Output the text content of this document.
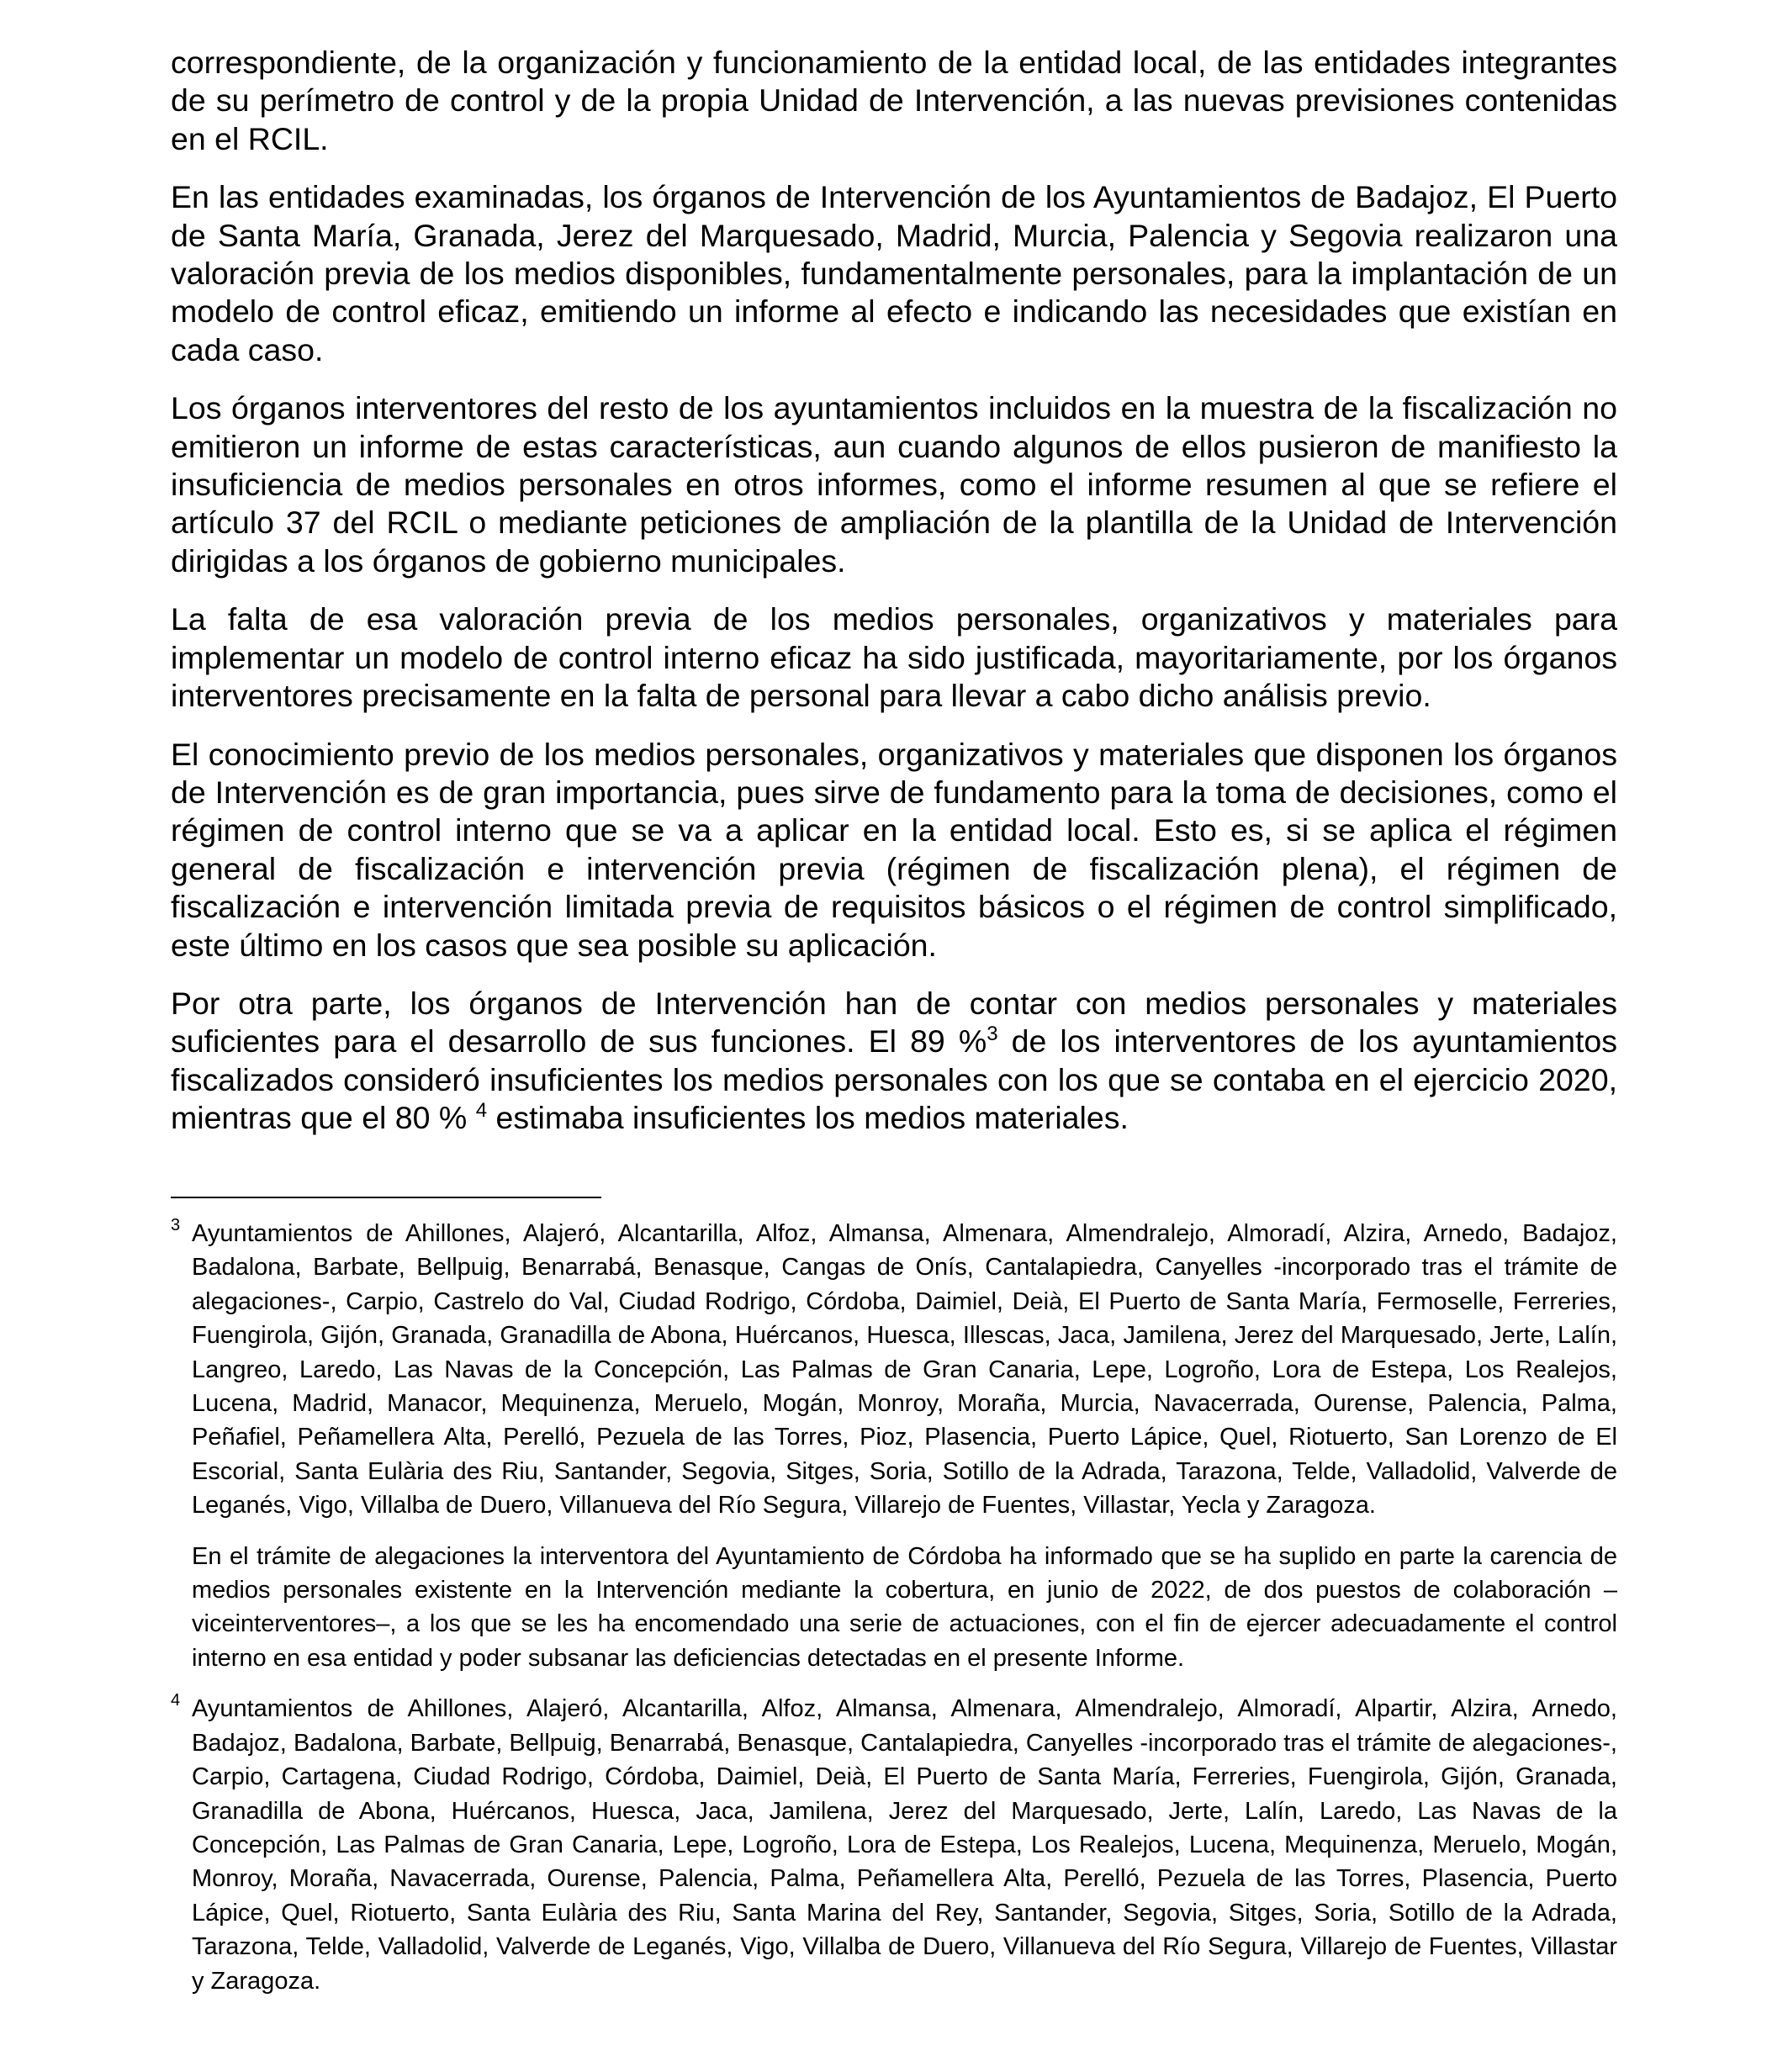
correspondiente, de la organización y funcionamiento de la entidad local, de las entidades integrantes de su perímetro de control y de la propia Unidad de Intervención, a las nuevas previsiones contenidas en el RCIL.

En las entidades examinadas, los órganos de Intervención de los Ayuntamientos de Badajoz, El Puerto de Santa María, Granada, Jerez del Marquesado, Madrid, Murcia, Palencia y Segovia realizaron una valoración previa de los medios disponibles, fundamentalmente personales, para la implantación de un modelo de control eficaz, emitiendo un informe al efecto e indicando las necesidades que existían en cada caso.

Los órganos interventores del resto de los ayuntamientos incluidos en la muestra de la fiscalización no emitieron un informe de estas características, aun cuando algunos de ellos pusieron de manifiesto la insuficiencia de medios personales en otros informes, como el informe resumen al que se refiere el artículo 37 del RCIL o mediante peticiones de ampliación de la plantilla de la Unidad de Intervención dirigidas a los órganos de gobierno municipales.

La falta de esa valoración previa de los medios personales, organizativos y materiales para implementar un modelo de control interno eficaz ha sido justificada, mayoritariamente, por los órganos interventores precisamente en la falta de personal para llevar a cabo dicho análisis previo.

El conocimiento previo de los medios personales, organizativos y materiales que disponen los órganos de Intervención es de gran importancia, pues sirve de fundamento para la toma de decisiones, como el régimen de control interno que se va a aplicar en la entidad local. Esto es, si se aplica el régimen general de fiscalización e intervención previa (régimen de fiscalización plena), el régimen de fiscalización e intervención limitada previa de requisitos básicos o el régimen de control simplificado, este último en los casos que sea posible su aplicación.

Por otra parte, los órganos de Intervención han de contar con medios personales y materiales suficientes para el desarrollo de sus funciones. El 89 %$^3$ de los interventores de los ayuntamientos fiscalizados consideró insuficientes los medios personales con los que se contaba en el ejercicio 2020, mientras que el 80 % $^4$ estimaba insuficientes los medios materiales.

3 Ayuntamientos de Ahillones, Alajeró, Alcantarilla, Alfoz, Almansa, Almenara, Almendralejo, Almoradí, Alzira, Arnedo, Badajoz, Badalona, Barbate, Bellpuig, Benarrabá, Benasque, Cangas de Onís, Cantalapiedra, Canyelles -incorporado tras el trámite de alegaciones-, Carpio, Castrelo do Val, Ciudad Rodrigo, Córdoba, Daimiel, Deià, El Puerto de Santa María, Fermoselle, Ferreries, Fuengirola, Gijón, Granada, Granadilla de Abona, Huércanos, Huesca, Illescas, Jaca, Jamilena, Jerez del Marquesado, Jerte, Lalín, Langreo, Laredo, Las Navas de la Concepción, Las Palmas de Gran Canaria, Lepe, Logroño, Lora de Estepa, Los Realejos, Lucena, Madrid, Manacor, Mequinenza, Meruelo, Mogán, Monroy, Moraña, Murcia, Navacerrada, Ourense, Palencia, Palma, Peñafiel, Peñamellera Alta, Perelló, Pezuela de las Torres, Pioz, Plasencia, Puerto Lápice, Quel, Riotuerto, San Lorenzo de El Escorial, Santa Eulària des Riu, Santander, Segovia, Sitges, Soria, Sotillo de la Adrada, Tarazona, Telde, Valladolid, Valverde de Leganés, Vigo, Villalba de Duero, Villanueva del Río Segura, Villarejo de Fuentes, Villastar, Yecla y Zaragoza.

En el trámite de alegaciones la interventora del Ayuntamiento de Córdoba ha informado que se ha suplido en parte la carencia de medios personales existente en la Intervención mediante la cobertura, en junio de 2022, de dos puestos de colaboración –viceinterventores–, a los que se les ha encomendado una serie de actuaciones, con el fin de ejercer adecuadamente el control interno en esa entidad y poder subsanar las deficiencias detectadas en el presente Informe.

4 Ayuntamientos de Ahillones, Alajeró, Alcantarilla, Alfoz, Almansa, Almenara, Almendralejo, Almoradí, Alpartir, Alzira, Arnedo, Badajoz, Badalona, Barbate, Bellpuig, Benarrabá, Benasque, Cantalapiedra, Canyelles -incorporado tras el trámite de alegaciones-, Carpio, Cartagena, Ciudad Rodrigo, Córdoba, Daimiel, Deià, El Puerto de Santa María, Ferreries, Fuengirola, Gijón, Granada, Granadilla de Abona, Huércanos, Huesca, Jaca, Jamilena, Jerez del Marquesado, Jerte, Lalín, Laredo, Las Navas de la Concepción, Las Palmas de Gran Canaria, Lepe, Logroño, Lora de Estepa, Los Realejos, Lucena, Mequinenza, Meruelo, Mogán, Monroy, Moraña, Navacerrada, Ourense, Palencia, Palma, Peñamellera Alta, Perelló, Pezuela de las Torres, Plasencia, Puerto Lápice, Quel, Riotuerto, Santa Eulària des Riu, Santa Marina del Rey, Santander, Segovia, Sitges, Soria, Sotillo de la Adrada, Tarazona, Telde, Valladolid, Valverde de Leganés, Vigo, Villalba de Duero, Villanueva del Río Segura, Villarejo de Fuentes, Villastar y Zaragoza.
